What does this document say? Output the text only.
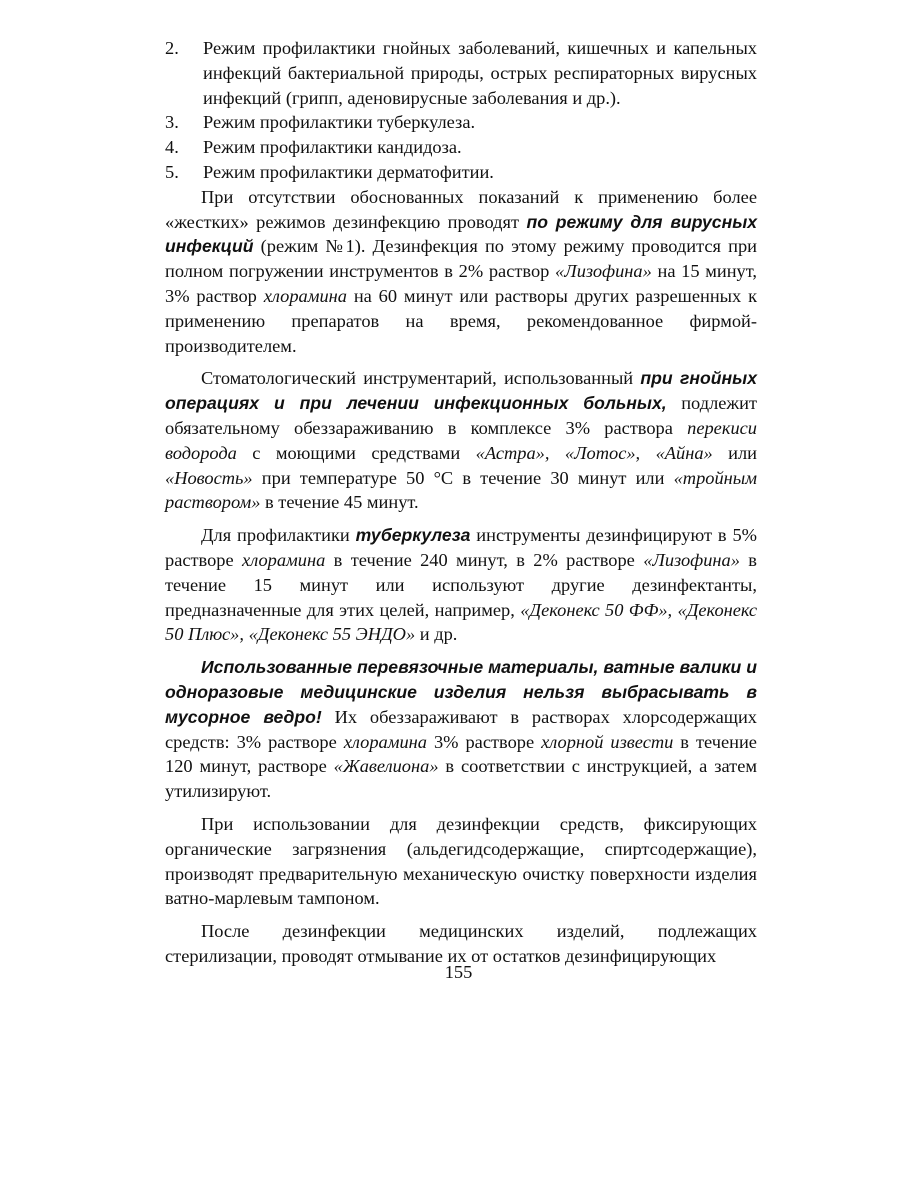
2.	Режим профилактики гнойных заболеваний, кишечных и капельных инфекций бактериальной природы, острых респираторных вирусных инфекций (грипп, аденовирусные заболевания и др.).
3.	Режим профилактики туберкулеза.
4.	Режим профилактики кандидоза.
5.	Режим профилактики дерматофитии.

При отсутствии обоснованных показаний к применению более «жестких» режимов дезинфекцию проводят по режиму для вирусных инфекций (режим №1). Дезинфекция по этому режиму проводится при полном погружении инструментов в 2% раствор «Лизофина» на 15 минут, 3% раствор хлорамина на 60 минут или растворы других разрешенных к применению препаратов на время, рекомендованное фирмой-производителем.

Стоматологический инструментарий, использованный при гнойных операциях и при лечении инфекционных больных, подлежит обязательному обеззараживанию в комплексе 3% раствора перекиси водорода с моющими средствами «Астра», «Лотос», «Айна» или «Новость» при температуре 50 °С в течение 30 минут или «тройным раствором» в течение 45 минут.

Для профилактики туберкулеза инструменты дезинфицируют в 5% растворе хлорамина в течение 240 минут, в 2% растворе «Лизофина» в течение 15 минут или используют другие дезинфектанты, предназначенные для этих целей, например, «Деконекс 50 ФФ», «Деконекс 50 Плюс», «Деконекс 55 ЭНДО» и др.

Использованные перевязочные материалы, ватные валики и одноразовые медицинские изделия нельзя выбрасывать в мусорное ведро! Их обеззараживают в растворах хлорсодержащих средств: 3% растворе хлорамина 3% растворе хлорной извести в течение 120 минут, растворе «Жавелиона» в соответствии с инструкцией, а затем утилизируют.

При использовании для дезинфекции средств, фиксирующих органические загрязнения (альдегидсодержащие, спиртсодержащие), производят предварительную механическую очистку поверхности изделия ватно-марлевым тампоном.

После дезинфекции медицинских изделий, подлежащих стерилизации, проводят отмывание их от остатков дезинфицирующих

155
